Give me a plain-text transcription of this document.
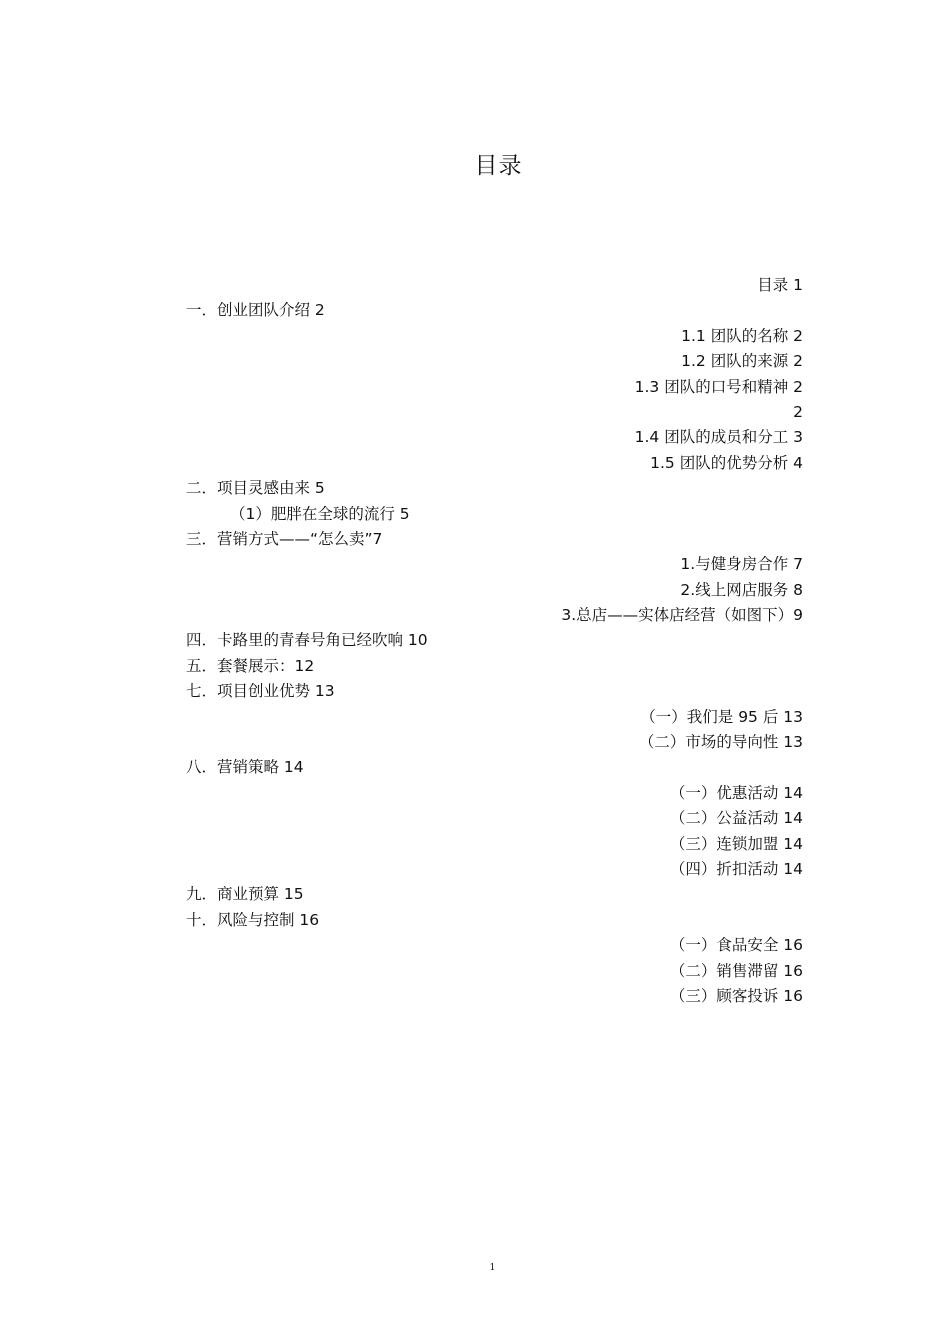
目录
目录 1
一．创业团队介绍 2
1.1 团队的名称 2
1.2 团队的来源 2
1.3 团队的口号和精神 2
2
1.4 团队的成员和分工 3
1.5 团队的优势分析 4
二．项目灵感由来 5
（1）肥胖在全球的流行 5
三．营销方式——“怎么卖”7
1.与健身房合作 7
2.线上网店服务 8
3.总店——实体店经营（如图下）9
四．卡路里的青春号角已经吹响 10
五．套餐展示：12
七．项目创业优势 13
（一）我们是 95 后 13
（二）市场的导向性 13
八．营销策略 14
（一）优惠活动 14
（二）公益活动 14
（三）连锁加盟 14
（四）折扣活动 14
九．商业预算 15
十．风险与控制 16
（一）食品安全 16
（二）销售滞留 16
（三）顾客投诉 16
1
